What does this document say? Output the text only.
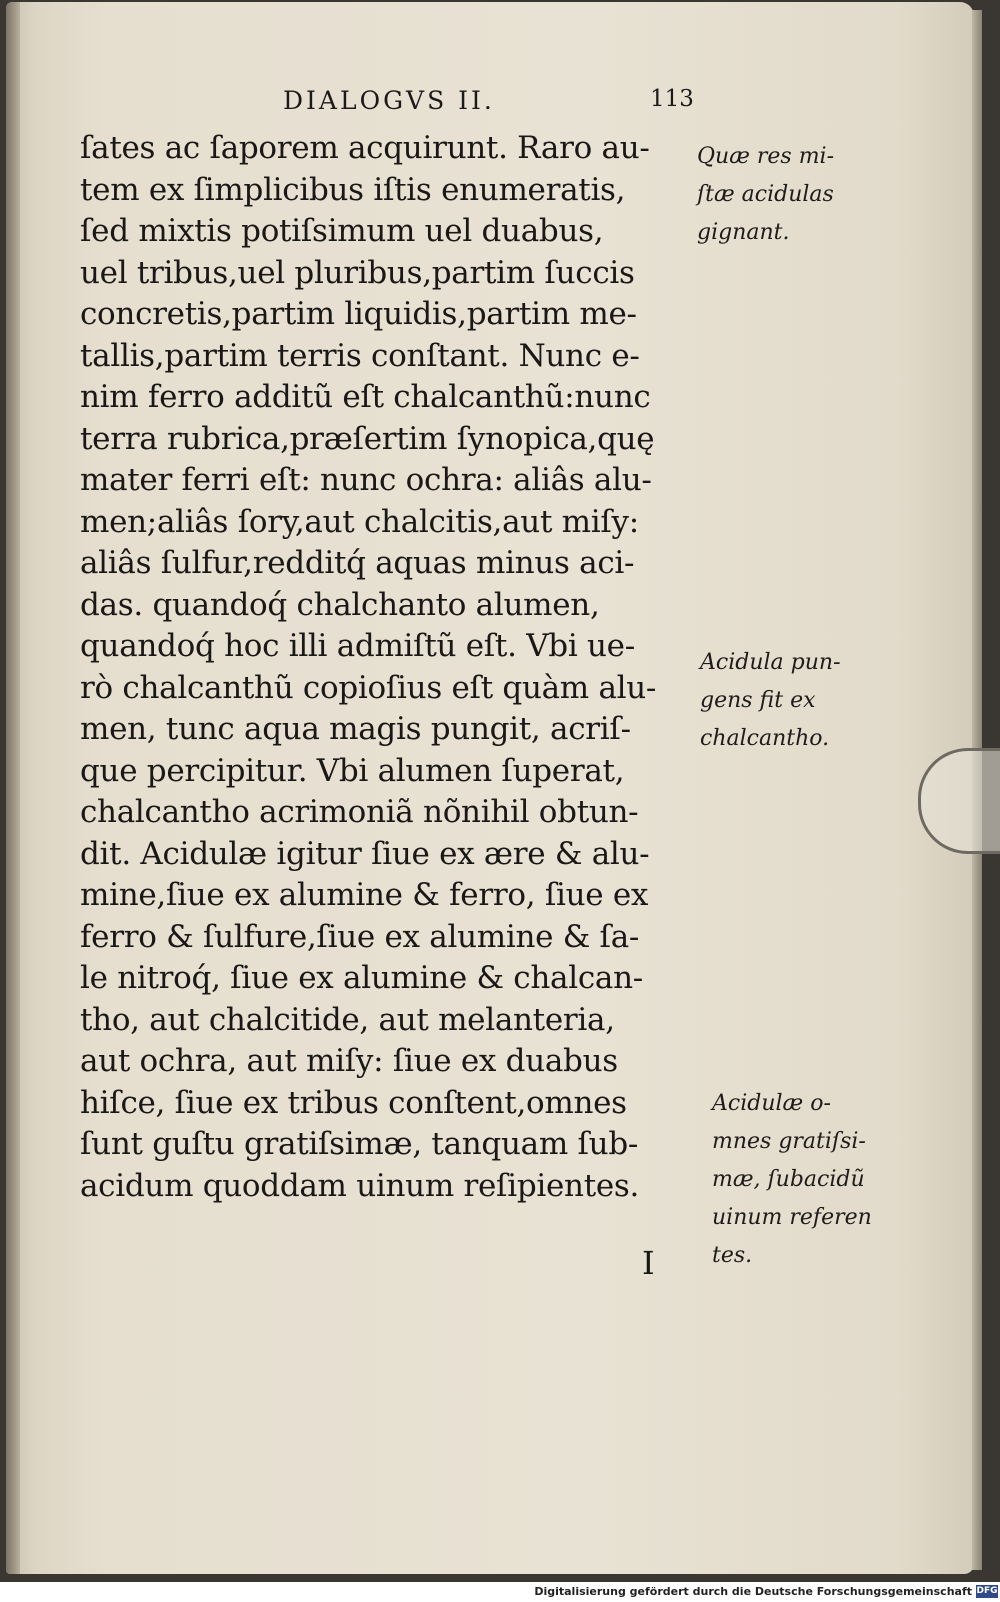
DIALOGVS II.	113
ſates ac ſaporem acquirunt. Raro au-
tem ex ſimplicibus iſtis enumeratis,
ſed mixtis potiſsimum uel duabus,
uel tribus,uel pluribus,partim ſuccis
concretis,partim liquidis,partim me-
tallis,partim terris conſtant. Nunc e-
nim ferro additũ eſt chalcanthũ:nunc
terra rubrica,præſertim ſynopica,quę
mater ferri eſt: nunc ochra: aliâs alu-
men;aliâs ſory,aut chalcitis,aut miſy:
aliâs ſulfur,redditq́ aquas minus aci-
das. quandoq́ chalchanto alumen,
quandoq́ hoc illi admiſtũ eſt. Vbi ue-
rò chalcanthũ copioſius eſt quàm alu-
men, tunc aqua magis pungit, acriſ-
que percipitur. Vbi alumen ſuperat,
chalcantho acrimoniã nõnihil obtun-
dit. Acidulæ igitur ſiue ex ære & alu-
mine,ſiue ex alumine & ferro, ſiue ex
ferro & ſulfure,ſiue ex alumine & ſa-
le nitroq́, ſiue ex alumine & chalcan-
tho, aut chalcitide, aut melanteria,
aut ochra, aut miſy: ſiue ex duabus
hiſce, ſiue ex tribus conſtent,omnes
ſunt guſtu gratiſsimæ, tanquam ſub-
acidum quoddam uinum reſipientes.
I
Quæ res mi-
ſtæ acidulas
gignant.
Acidula pun-
gens fit ex
chalcantho.
Acidulæ o-
mnes gratiſsi-
mæ, ſubacidũ
uinum referen
tes.
Digitalisierung gefördert durch die Deutsche Forschungsgemeinschaft DFG
